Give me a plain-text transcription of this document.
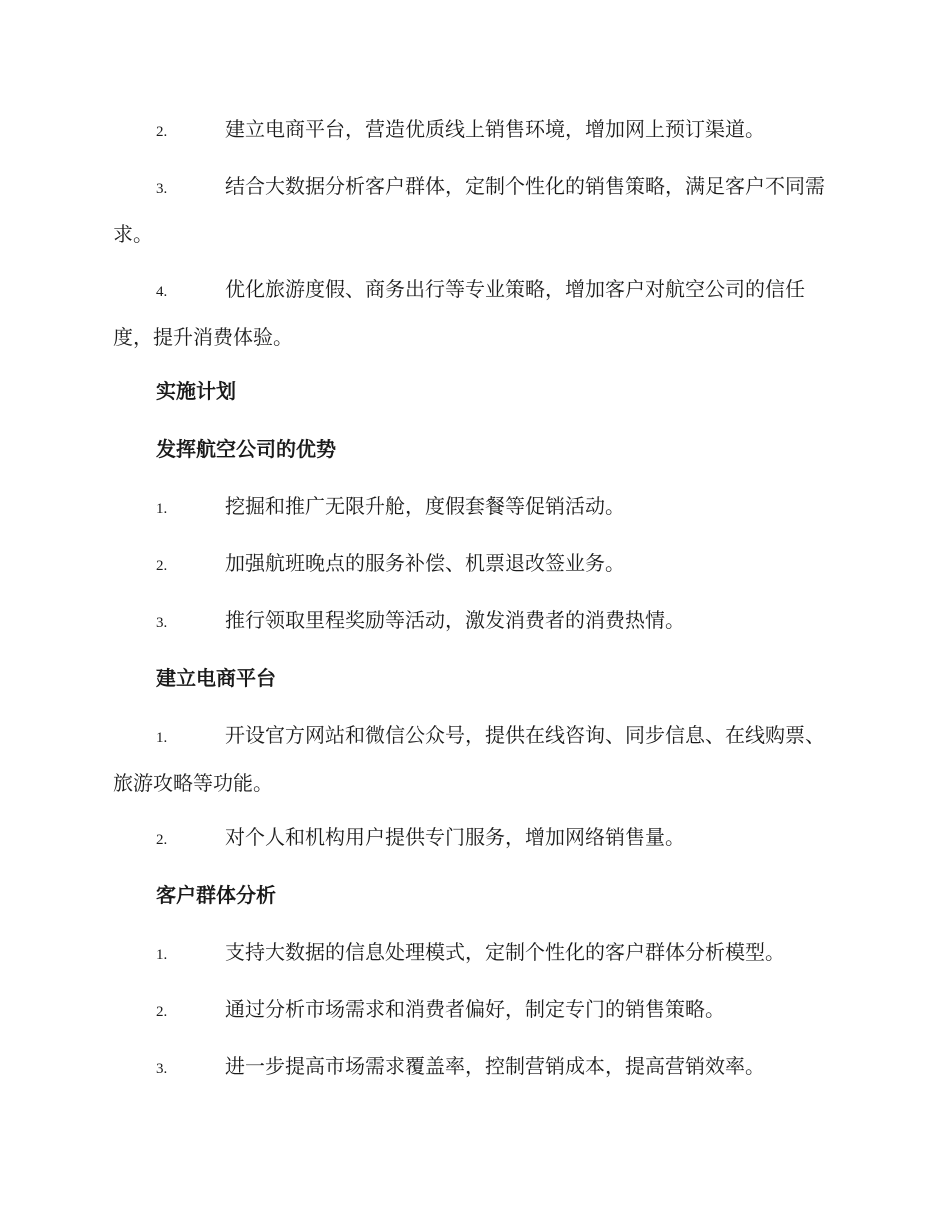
2.	建立电商平台，营造优质线上销售环境，增加网上预订渠道。

3.	结合大数据分析客户群体，定制个性化的销售策略，满足客户不同需求。

4.	优化旅游度假、商务出行等专业策略，增加客户对航空公司的信任度，提升消费体验。

实施计划
发挥航空公司的优势

1.	挖掘和推广无限升舱，度假套餐等促销活动。

2.	加强航班晚点的服务补偿、机票退改签业务。

3.	推行领取里程奖励等活动，激发消费者的消费热情。

建立电商平台

1.	开设官方网站和微信公众号，提供在线咨询、同步信息、在线购票、旅游攻略等功能。

2.	对个人和机构用户提供专门服务，增加网络销售量。

客户群体分析

1.	支持大数据的信息处理模式，定制个性化的客户群体分析模型。

2.	通过分析市场需求和消费者偏好，制定专门的销售策略。

3.	进一步提高市场需求覆盖率，控制营销成本，提高营销效率。
